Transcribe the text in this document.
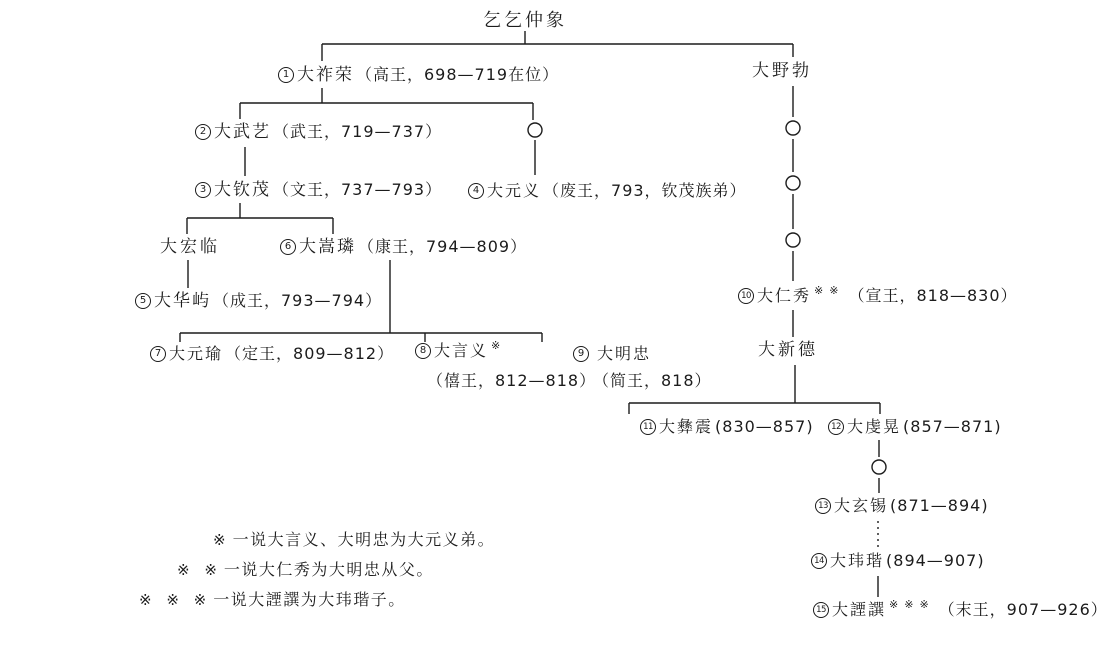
乞乞仲象
1 大祚荣 （高王，698—719在位）	大野勃
2 大武艺 （武王，719—737）
3 大钦茂 （文王，737—793）	4 大元义 （废王，793，钦茂族弟）
大宏临	6 大嵩璘 （康王，794—809）
5 大华屿 （成王，793—794）
7 大元瑜 （定王，809—812）	8 大言义 ※
（僖王，812—818）
9 大明忠
（简王，818）
10 大仁秀 ※※ （宣王，818—830）
大新德
11 大彝震 (830—857)	12 大虔晃 (857—871)
13 大玄锡 (871—894)
14 大玮瑎 (894—907)
15 大諲譔 ※※※ （末王，907—926）
※ 一说大言义、大明忠为大元义弟。
※ ※ 一说大仁秀为大明忠从父。
※ ※ ※ 一说大諲譔为大玮瑎子。
